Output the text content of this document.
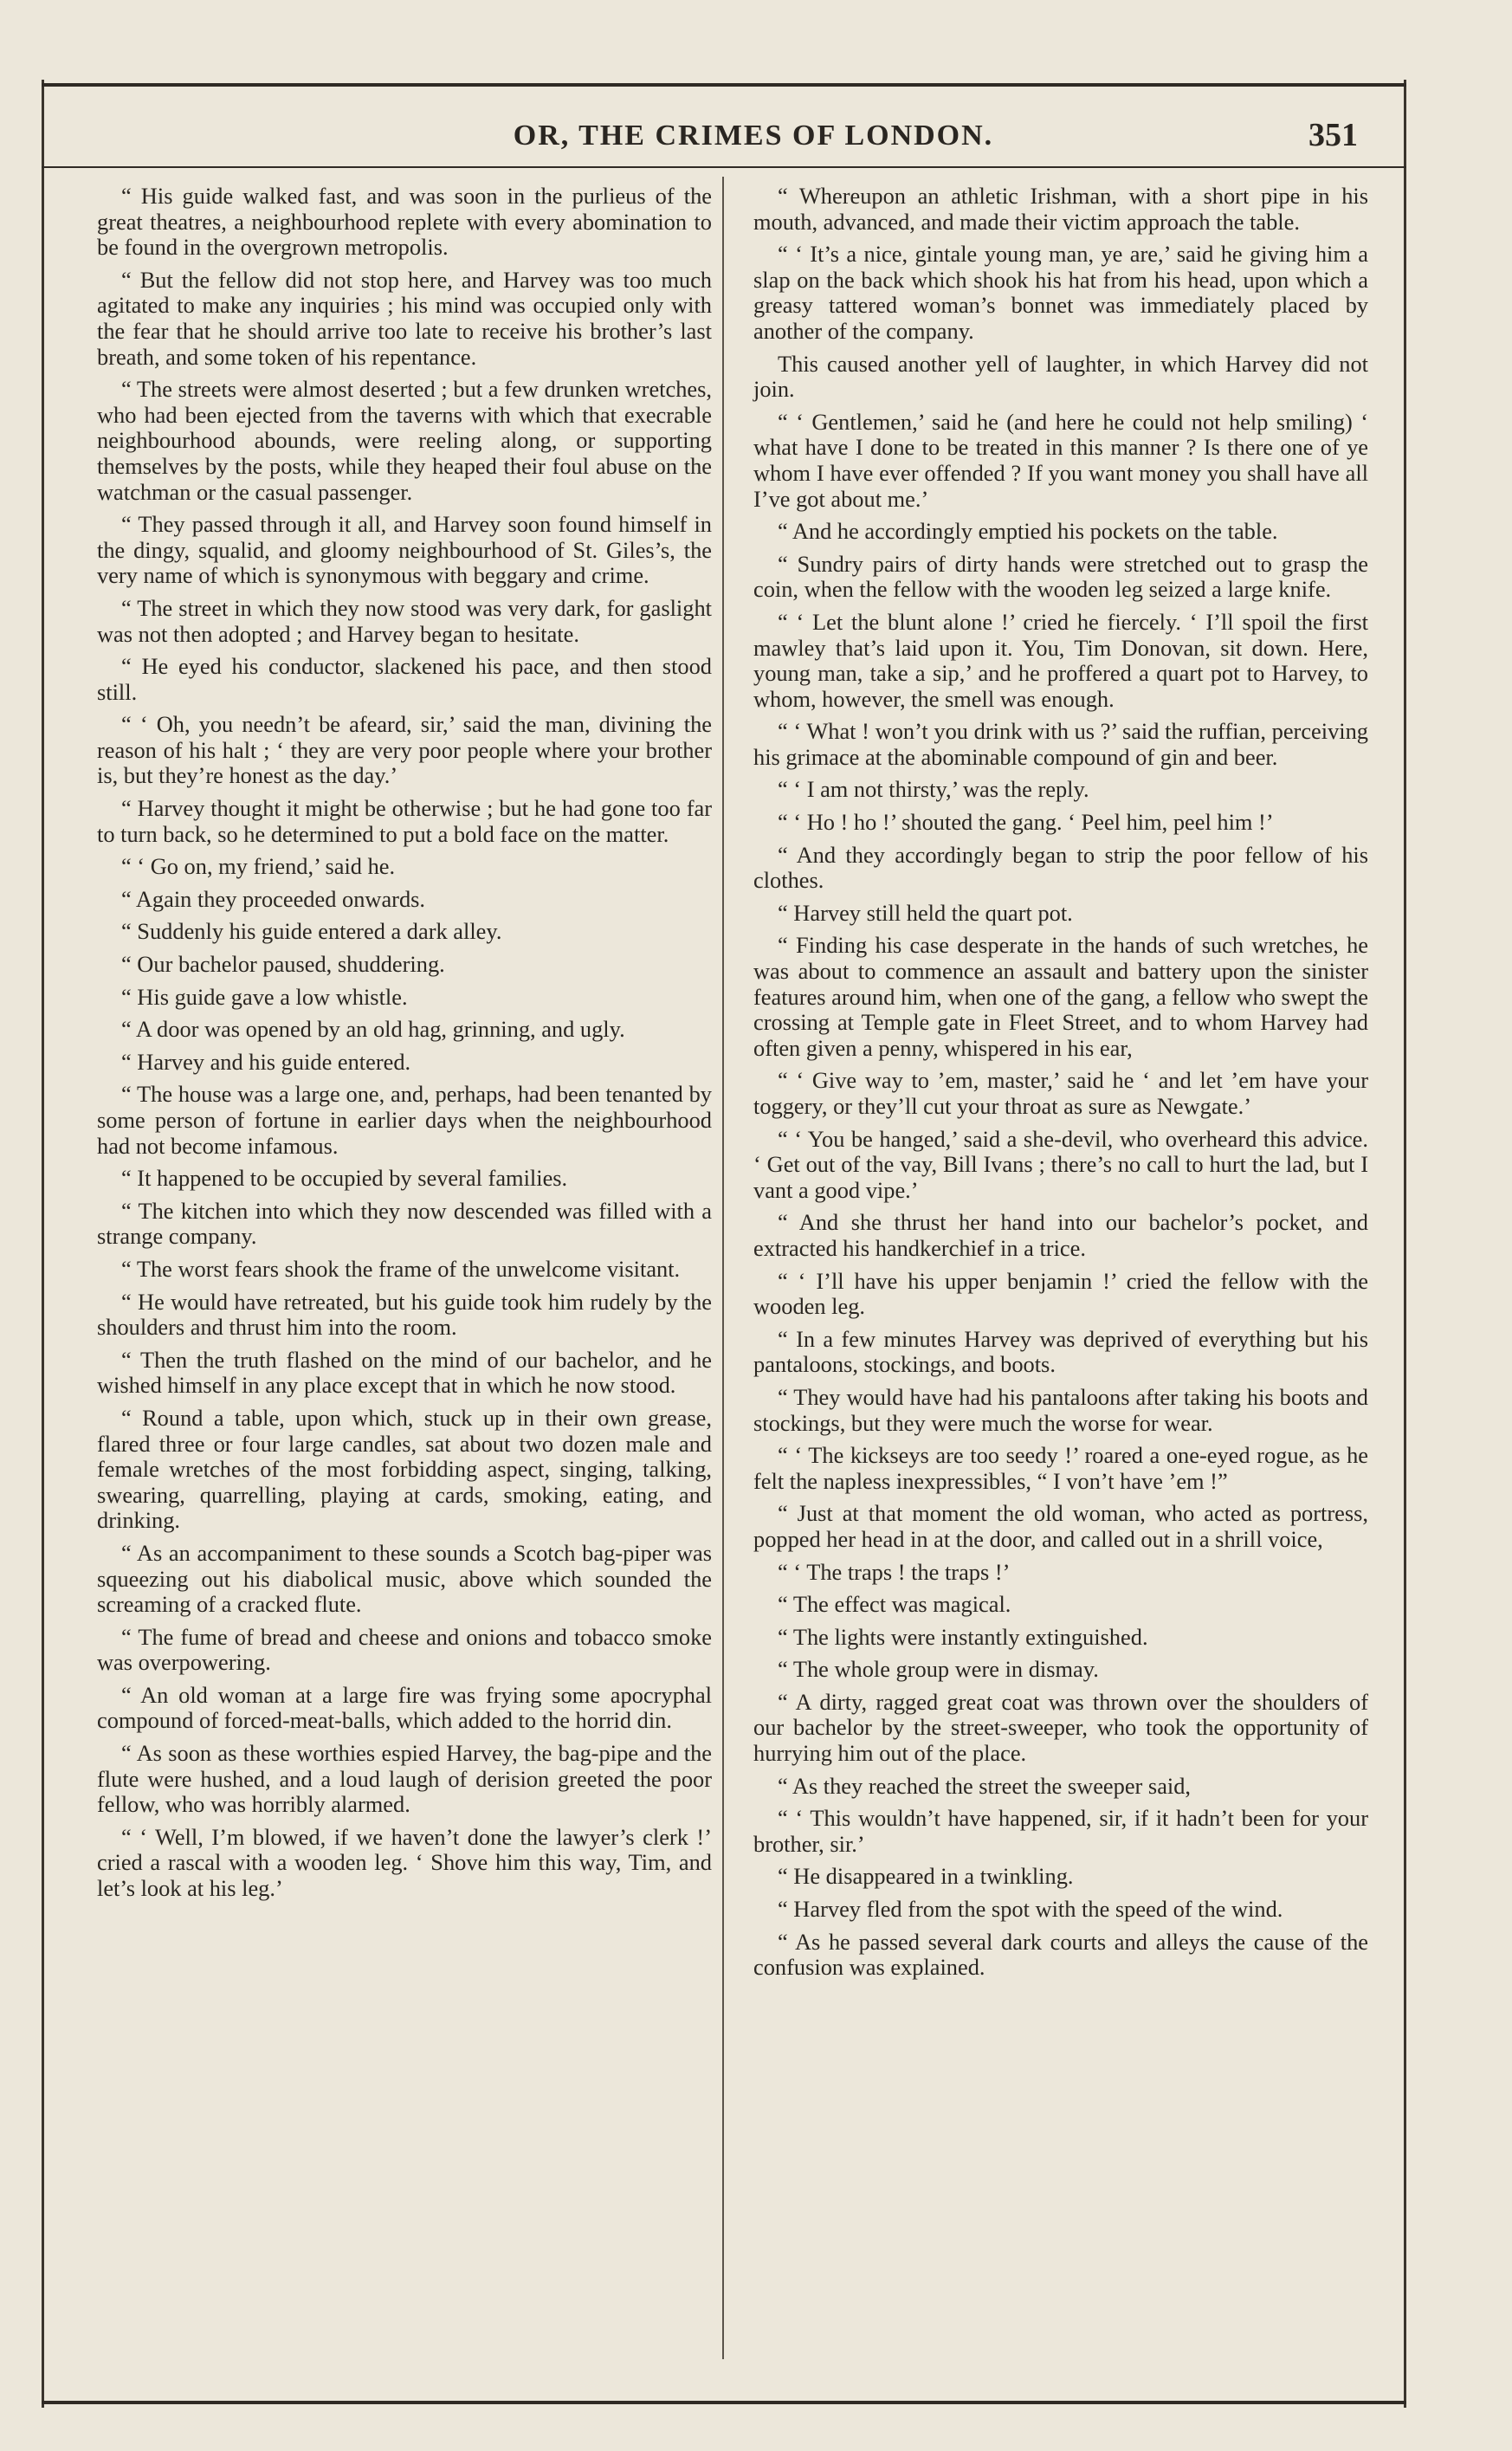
OR, THE CRIMES OF LONDON.	351

“ His guide walked fast, and was soon in the purlieus of the great theatres, a neighbourhood replete with every abomination to be found in the overgrown metropolis.

“ But the fellow did not stop here, and Harvey was too much agitated to make any inquiries ; his mind was occupied only with the fear that he should arrive too late to receive his brother’s last breath, and some token of his repentance.

“ The streets were almost deserted ; but a few drunken wretches, who had been ejected from the taverns with which that execrable neighbourhood abounds, were reeling along, or supporting themselves by the posts, while they heaped their foul abuse on the watchman or the casual passenger.

“ They passed through it all, and Harvey soon found himself in the dingy, squalid, and gloomy neighbourhood of St. Giles’s, the very name of which is synonymous with beggary and crime.

“ The street in which they now stood was very dark, for gaslight was not then adopted ; and Harvey began to hesitate.

“ He eyed his conductor, slackened his pace, and then stood still.

“ ‘ Oh, you needn’t be afeard, sir,’ said the man, divining the reason of his halt ; ‘ they are very poor people where your brother is, but they’re honest as the day.’

“ Harvey thought it might be otherwise ; but he had gone too far to turn back, so he determined to put a bold face on the matter.

“ ‘ Go on, my friend,’ said he.

“ Again they proceeded onwards.

“ Suddenly his guide entered a dark alley.

“ Our bachelor paused, shuddering.

“ His guide gave a low whistle.

“ A door was opened by an old hag, grinning, and ugly.

“ Harvey and his guide entered.

“ The house was a large one, and, perhaps, had been tenanted by some person of fortune in earlier days when the neighbourhood had not become infamous.

“ It happened to be occupied by several families.

“ The kitchen into which they now descended was filled with a strange company.

“ The worst fears shook the frame of the unwelcome visitant.

“ He would have retreated, but his guide took him rudely by the shoulders and thrust him into the room.

“ Then the truth flashed on the mind of our bachelor, and he wished himself in any place except that in which he now stood.

“ Round a table, upon which, stuck up in their own grease, flared three or four large candles, sat about two dozen male and female wretches of the most forbidding aspect, singing, talking, swearing, quarrelling, playing at cards, smoking, eating, and drinking.

“ As an accompaniment to these sounds a Scotch bag-piper was squeezing out his diabolical music, above which sounded the screaming of a cracked flute.

“ The fume of bread and cheese and onions and tobacco smoke was overpowering.

“ An old woman at a large fire was frying some apocryphal compound of forced-meat-balls, which added to the horrid din.

“ As soon as these worthies espied Harvey, the bag-pipe and the flute were hushed, and a loud laugh of derision greeted the poor fellow, who was horribly alarmed.

“ ‘ Well, I’m blowed, if we haven’t done the lawyer’s clerk !’ cried a rascal with a wooden leg. ‘ Shove him this way, Tim, and let’s look at his leg.’

“ Whereupon an athletic Irishman, with a short pipe in his mouth, advanced, and made their victim approach the table.

“ ‘ It’s a nice, gintale young man, ye are,’ said he giving him a slap on the back which shook his hat from his head, upon which a greasy tattered woman’s bonnet was immediately placed by another of the company.

This caused another yell of laughter, in which Harvey did not join.

“ ‘ Gentlemen,’ said he (and here he could not help smiling) ‘ what have I done to be treated in this manner ? Is there one of ye whom I have ever offended ? If you want money you shall have all I’ve got about me.’

“ And he accordingly emptied his pockets on the table.

“ Sundry pairs of dirty hands were stretched out to grasp the coin, when the fellow with the wooden leg seized a large knife.

“ ‘ Let the blunt alone !’ cried he fiercely. ‘ I’ll spoil the first mawley that’s laid upon it. You, Tim Donovan, sit down. Here, young man, take a sip,’ and he proffered a quart pot to Harvey, to whom, however, the smell was enough.

“ ‘ What ! won’t you drink with us ?’ said the ruffian, perceiving his grimace at the abominable compound of gin and beer.

“ ‘ I am not thirsty,’ was the reply.

“ ‘ Ho ! ho !’ shouted the gang. ‘ Peel him, peel him !’

“ And they accordingly began to strip the poor fellow of his clothes.

“ Harvey still held the quart pot.

“ Finding his case desperate in the hands of such wretches, he was about to commence an assault and battery upon the sinister features around him, when one of the gang, a fellow who swept the crossing at Temple gate in Fleet Street, and to whom Harvey had often given a penny, whispered in his ear,

“ ‘ Give way to ’em, master,’ said he ‘ and let ’em have your toggery, or they’ll cut your throat as sure as Newgate.’

“ ‘ You be hanged,’ said a she-devil, who overheard this advice. ‘ Get out of the vay, Bill Ivans ; there’s no call to hurt the lad, but I vant a good vipe.’

“ And she thrust her hand into our bachelor’s pocket, and extracted his handkerchief in a trice.

“ ‘ I’ll have his upper benjamin !’ cried the fellow with the wooden leg.

“ In a few minutes Harvey was deprived of everything but his pantaloons, stockings, and boots.

“ They would have had his pantaloons after taking his boots and stockings, but they were much the worse for wear.

“ ‘ The kickseys are too seedy !’ roared a one-eyed rogue, as he felt the napless inexpressibles, “ I von’t have ’em !”

“ Just at that moment the old woman, who acted as portress, popped her head in at the door, and called out in a shrill voice,

“ ‘ The traps ! the traps !’

“ The effect was magical.

“ The lights were instantly extinguished.

“ The whole group were in dismay.

“ A dirty, ragged great coat was thrown over the shoulders of our bachelor by the street-sweeper, who took the opportunity of hurrying him out of the place.

“ As they reached the street the sweeper said,

“ ‘ This wouldn’t have happened, sir, if it hadn’t been for your brother, sir.’

“ He disappeared in a twinkling.

“ Harvey fled from the spot with the speed of the wind.

“ As he passed several dark courts and alleys the cause of the confusion was explained.
